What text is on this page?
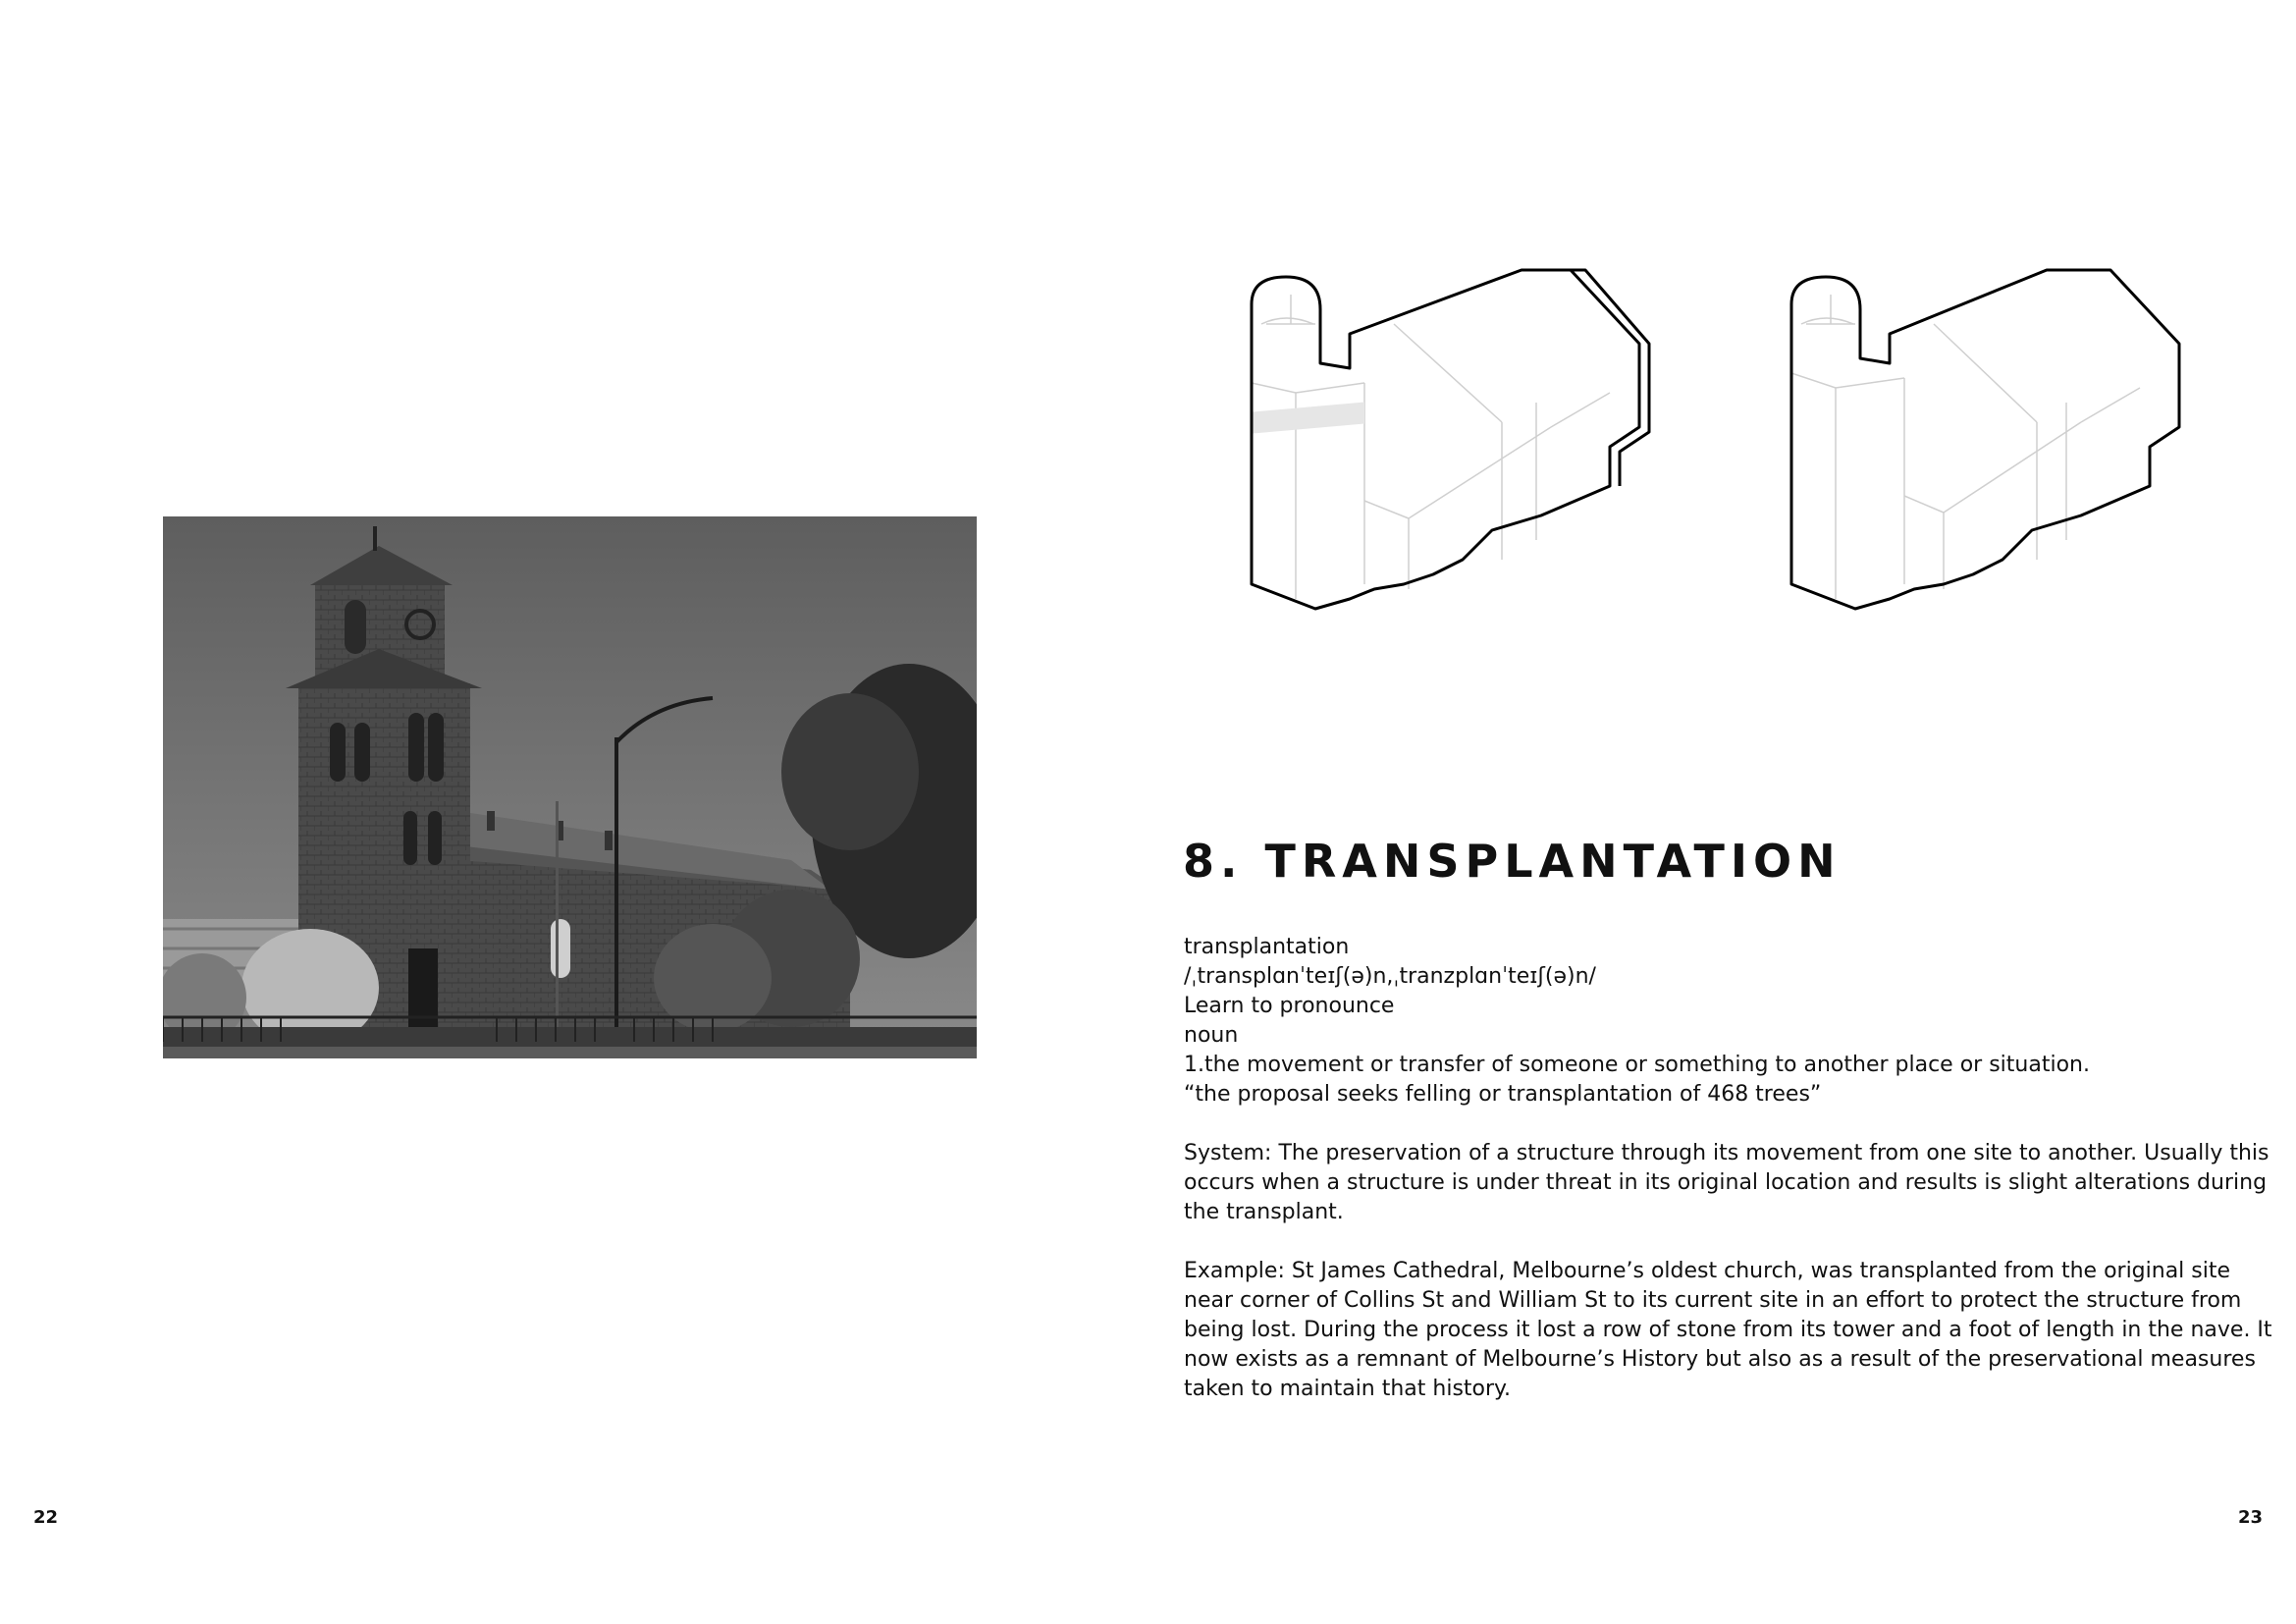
8. TRANSPLANTATION
transplantation
/ˌtransplɑnˈteɪʃ(ə)n,ˌtranzplɑnˈteɪʃ(ə)n/
Learn to pronounce
noun
1.the movement or transfer of someone or something to another place or situation.
“the proposal seeks felling or transplantation of 468 trees”
System: The preservation of a structure through its movement from one site to another. Usually this occurs when a structure is under threat in its original location and results is slight alterations during the transplant.
Example: St James Cathedral, Melbourne’s oldest church, was transplanted from the original site near corner of Collins St and William St to its current site in an effort to protect the structure from being lost. During the process it lost a row of stone from its tower and a foot of length in the nave. It now exists as a remnant of Melbourne’s History but also as a result of the preservational measures taken to maintain that history.
22	23
